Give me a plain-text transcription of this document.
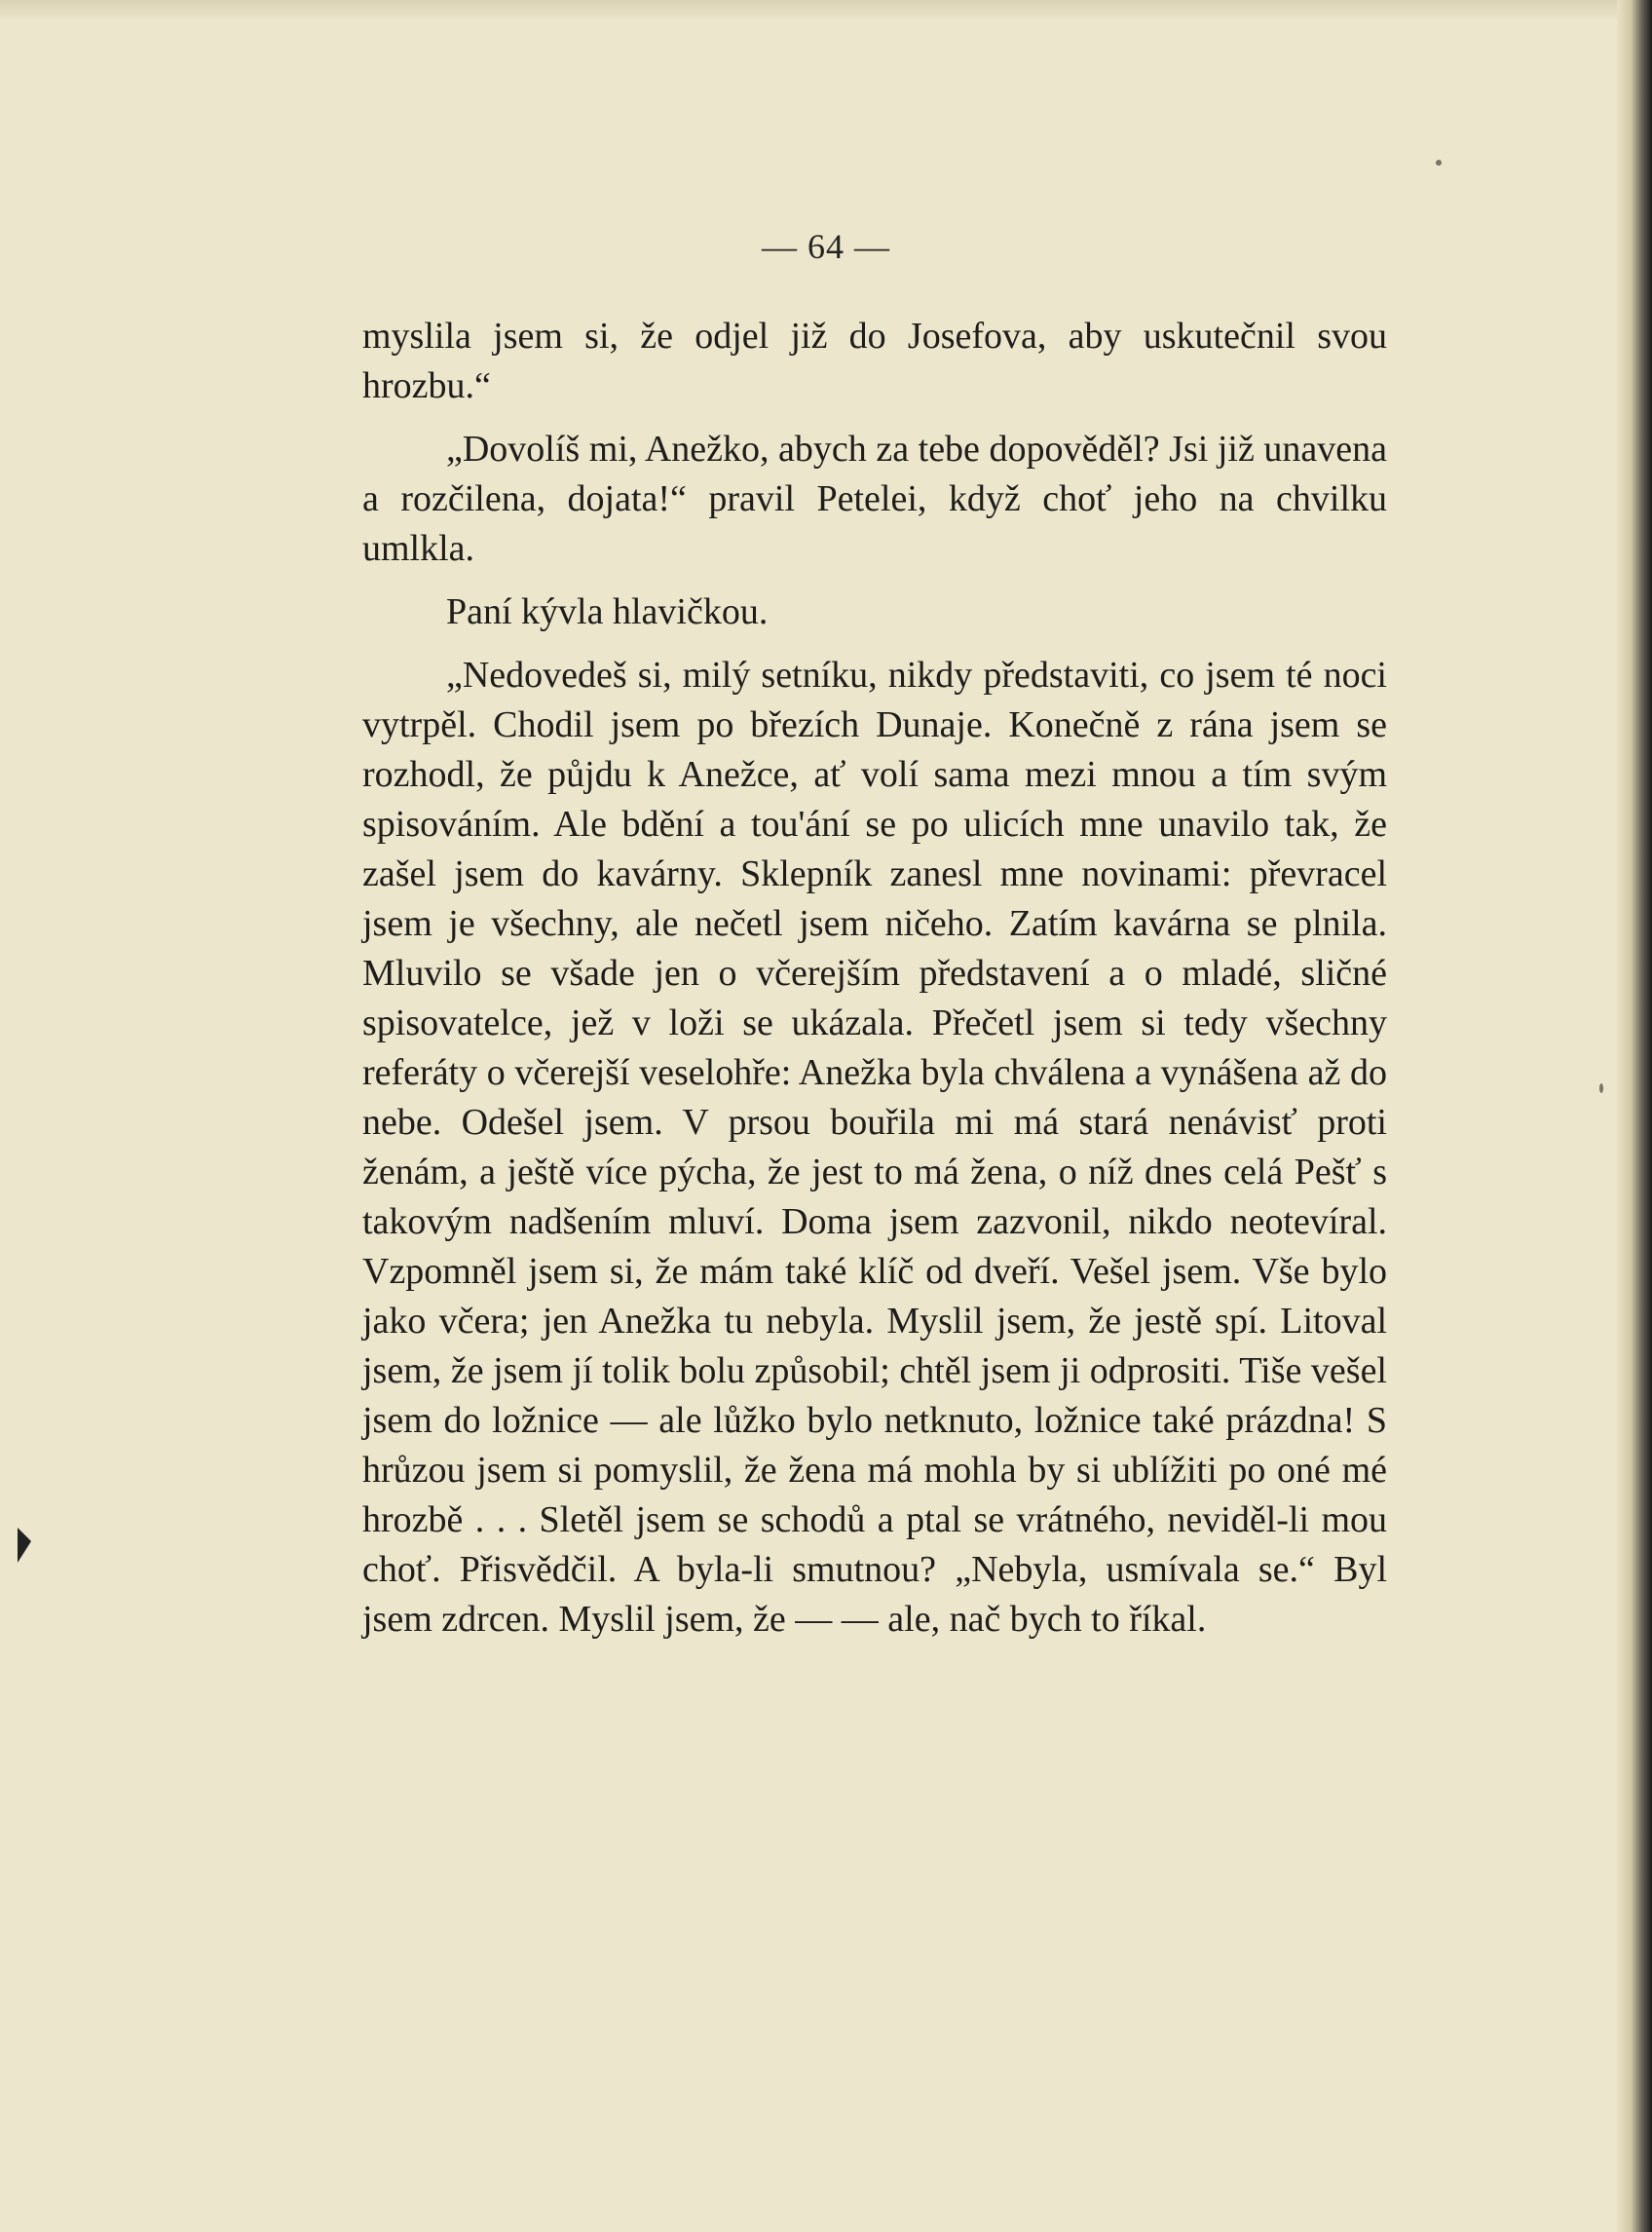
— 64 —

myslila jsem si, že odjel již do Josefova, aby uskutečnil svou hrozbu.“

„Dovolíš mi, Anežko, abych za tebe dopověděl? Jsi již unavena a rozčilena, dojata!“ pravil Petelei, když choť jeho na chvilku umlkla.

Paní kývla hlavičkou.

„Nedovedeš si, milý setníku, nikdy představiti, co jsem té noci vytrpěl. Chodil jsem po březích Dunaje. Konečně z rána jsem se rozhodl, že půjdu k Anežce, ať volí sama mezi mnou a tím svým spisováním. Ale bdění a tou'ání se po ulicích mne unavilo tak, že zašel jsem do kavárny. Sklepník zanesl mne novinami: převracel jsem je všechny, ale nečetl jsem ničeho. Zatím kavárna se plnila. Mluvilo se všade jen o včerejším představení a o mladé, sličné spisovatelce, jež v loži se ukázala. Přečetl jsem si tedy všechny referáty o včerejší veselohře: Anežka byla chválena a vynášena až do nebe. Odešel jsem. V prsou bouřila mi má stará nenávisť proti ženám, a ještě více pýcha, že jest to má žena, o níž dnes celá Pešť s takovým nadšením mluví. Doma jsem zazvonil, nikdo neotevíral. Vzpomněl jsem si, že mám také klíč od dveří. Vešel jsem. Vše bylo jako včera; jen Anežka tu nebyla. Myslil jsem, že jestě spí. Litoval jsem, že jsem jí tolik bolu způsobil; chtěl jsem ji odprositi. Tiše vešel jsem do ložnice — ale lůžko bylo netknuto, ložnice také prázdna! S hrůzou jsem si pomyslil, že žena má mohla by si ublížiti po oné mé hrozbě . . . Sletěl jsem se schodů a ptal se vrátného, neviděl-li mou choť. Přisvědčil. A byla-li smutnou? „Nebyla, usmívala se.“ Byl jsem zdrcen. Myslil jsem, že — — ale, nač bych to říkal.
